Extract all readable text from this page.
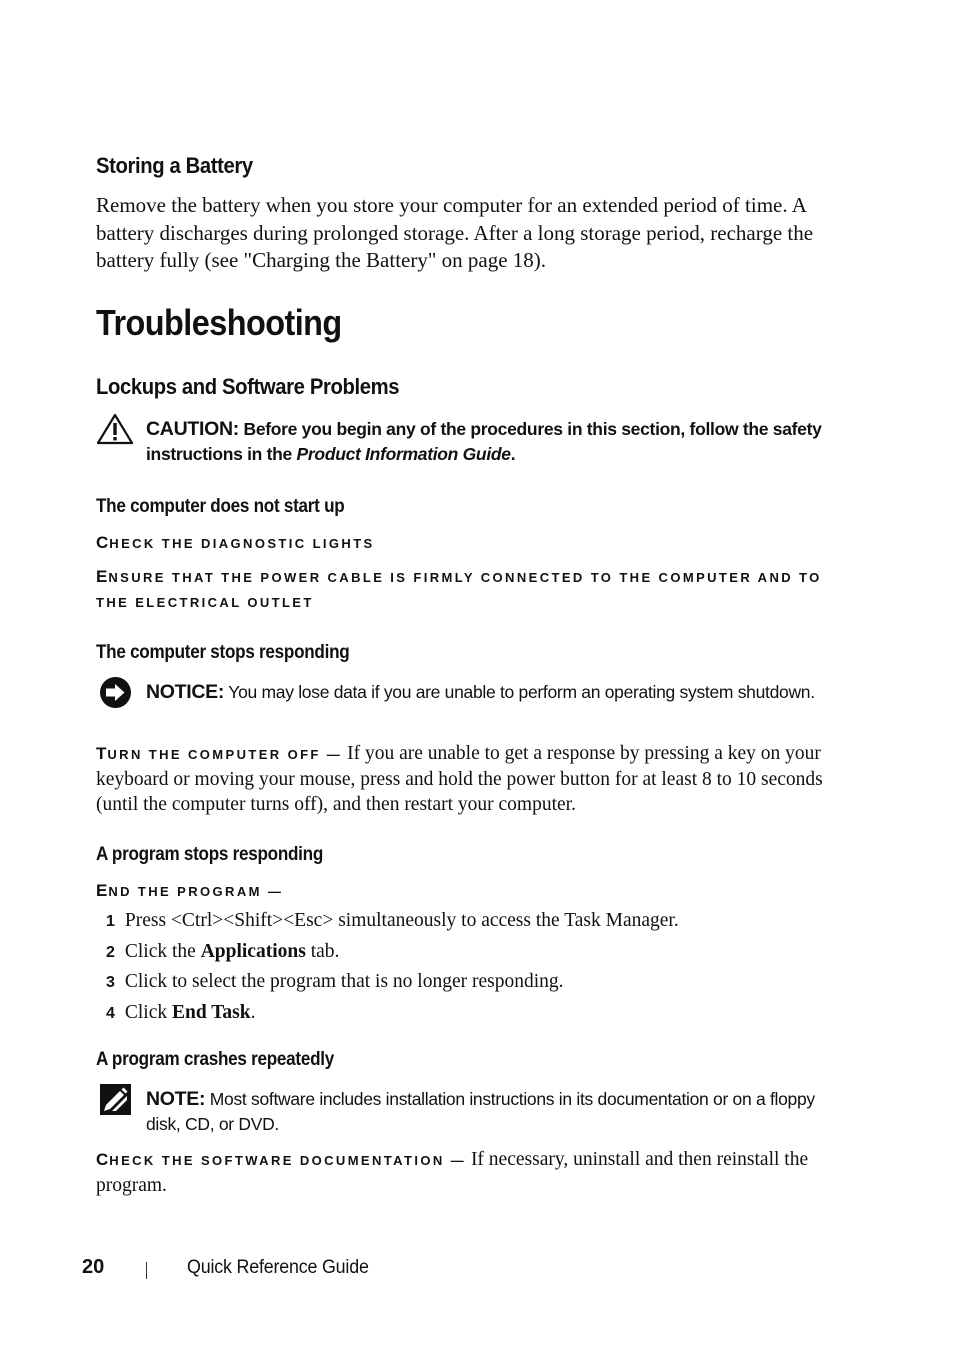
Storing a Battery
Remove the battery when you store your computer for an extended period of time. A battery discharges during prolonged storage. After a long storage period, recharge the battery fully (see "Charging the Battery" on page 18).
Troubleshooting
Lockups and Software Problems
CAUTION: Before you begin any of the procedures in this section, follow the safety instructions in the Product Information Guide.
The computer does not start up
CHECK THE DIAGNOSTIC LIGHTS
ENSURE THAT THE POWER CABLE IS FIRMLY CONNECTED TO THE COMPUTER AND TO THE ELECTRICAL OUTLET
The computer stops responding
NOTICE: You may lose data if you are unable to perform an operating system shutdown.
TURN THE COMPUTER OFF — If you are unable to get a response by pressing a key on your keyboard or moving your mouse, press and hold the power button for at least 8 to 10 seconds (until the computer turns off), and then restart your computer.
A program stops responding
END THE PROGRAM —
1 Press <Ctrl><Shift><Esc> simultaneously to access the Task Manager.
2 Click the Applications tab.
3 Click to select the program that is no longer responding.
4 Click End Task.
A program crashes repeatedly
NOTE: Most software includes installation instructions in its documentation or on a floppy disk, CD, or DVD.
CHECK THE SOFTWARE DOCUMENTATION — If necessary, uninstall and then reinstall the program.
20	Quick Reference Guide
